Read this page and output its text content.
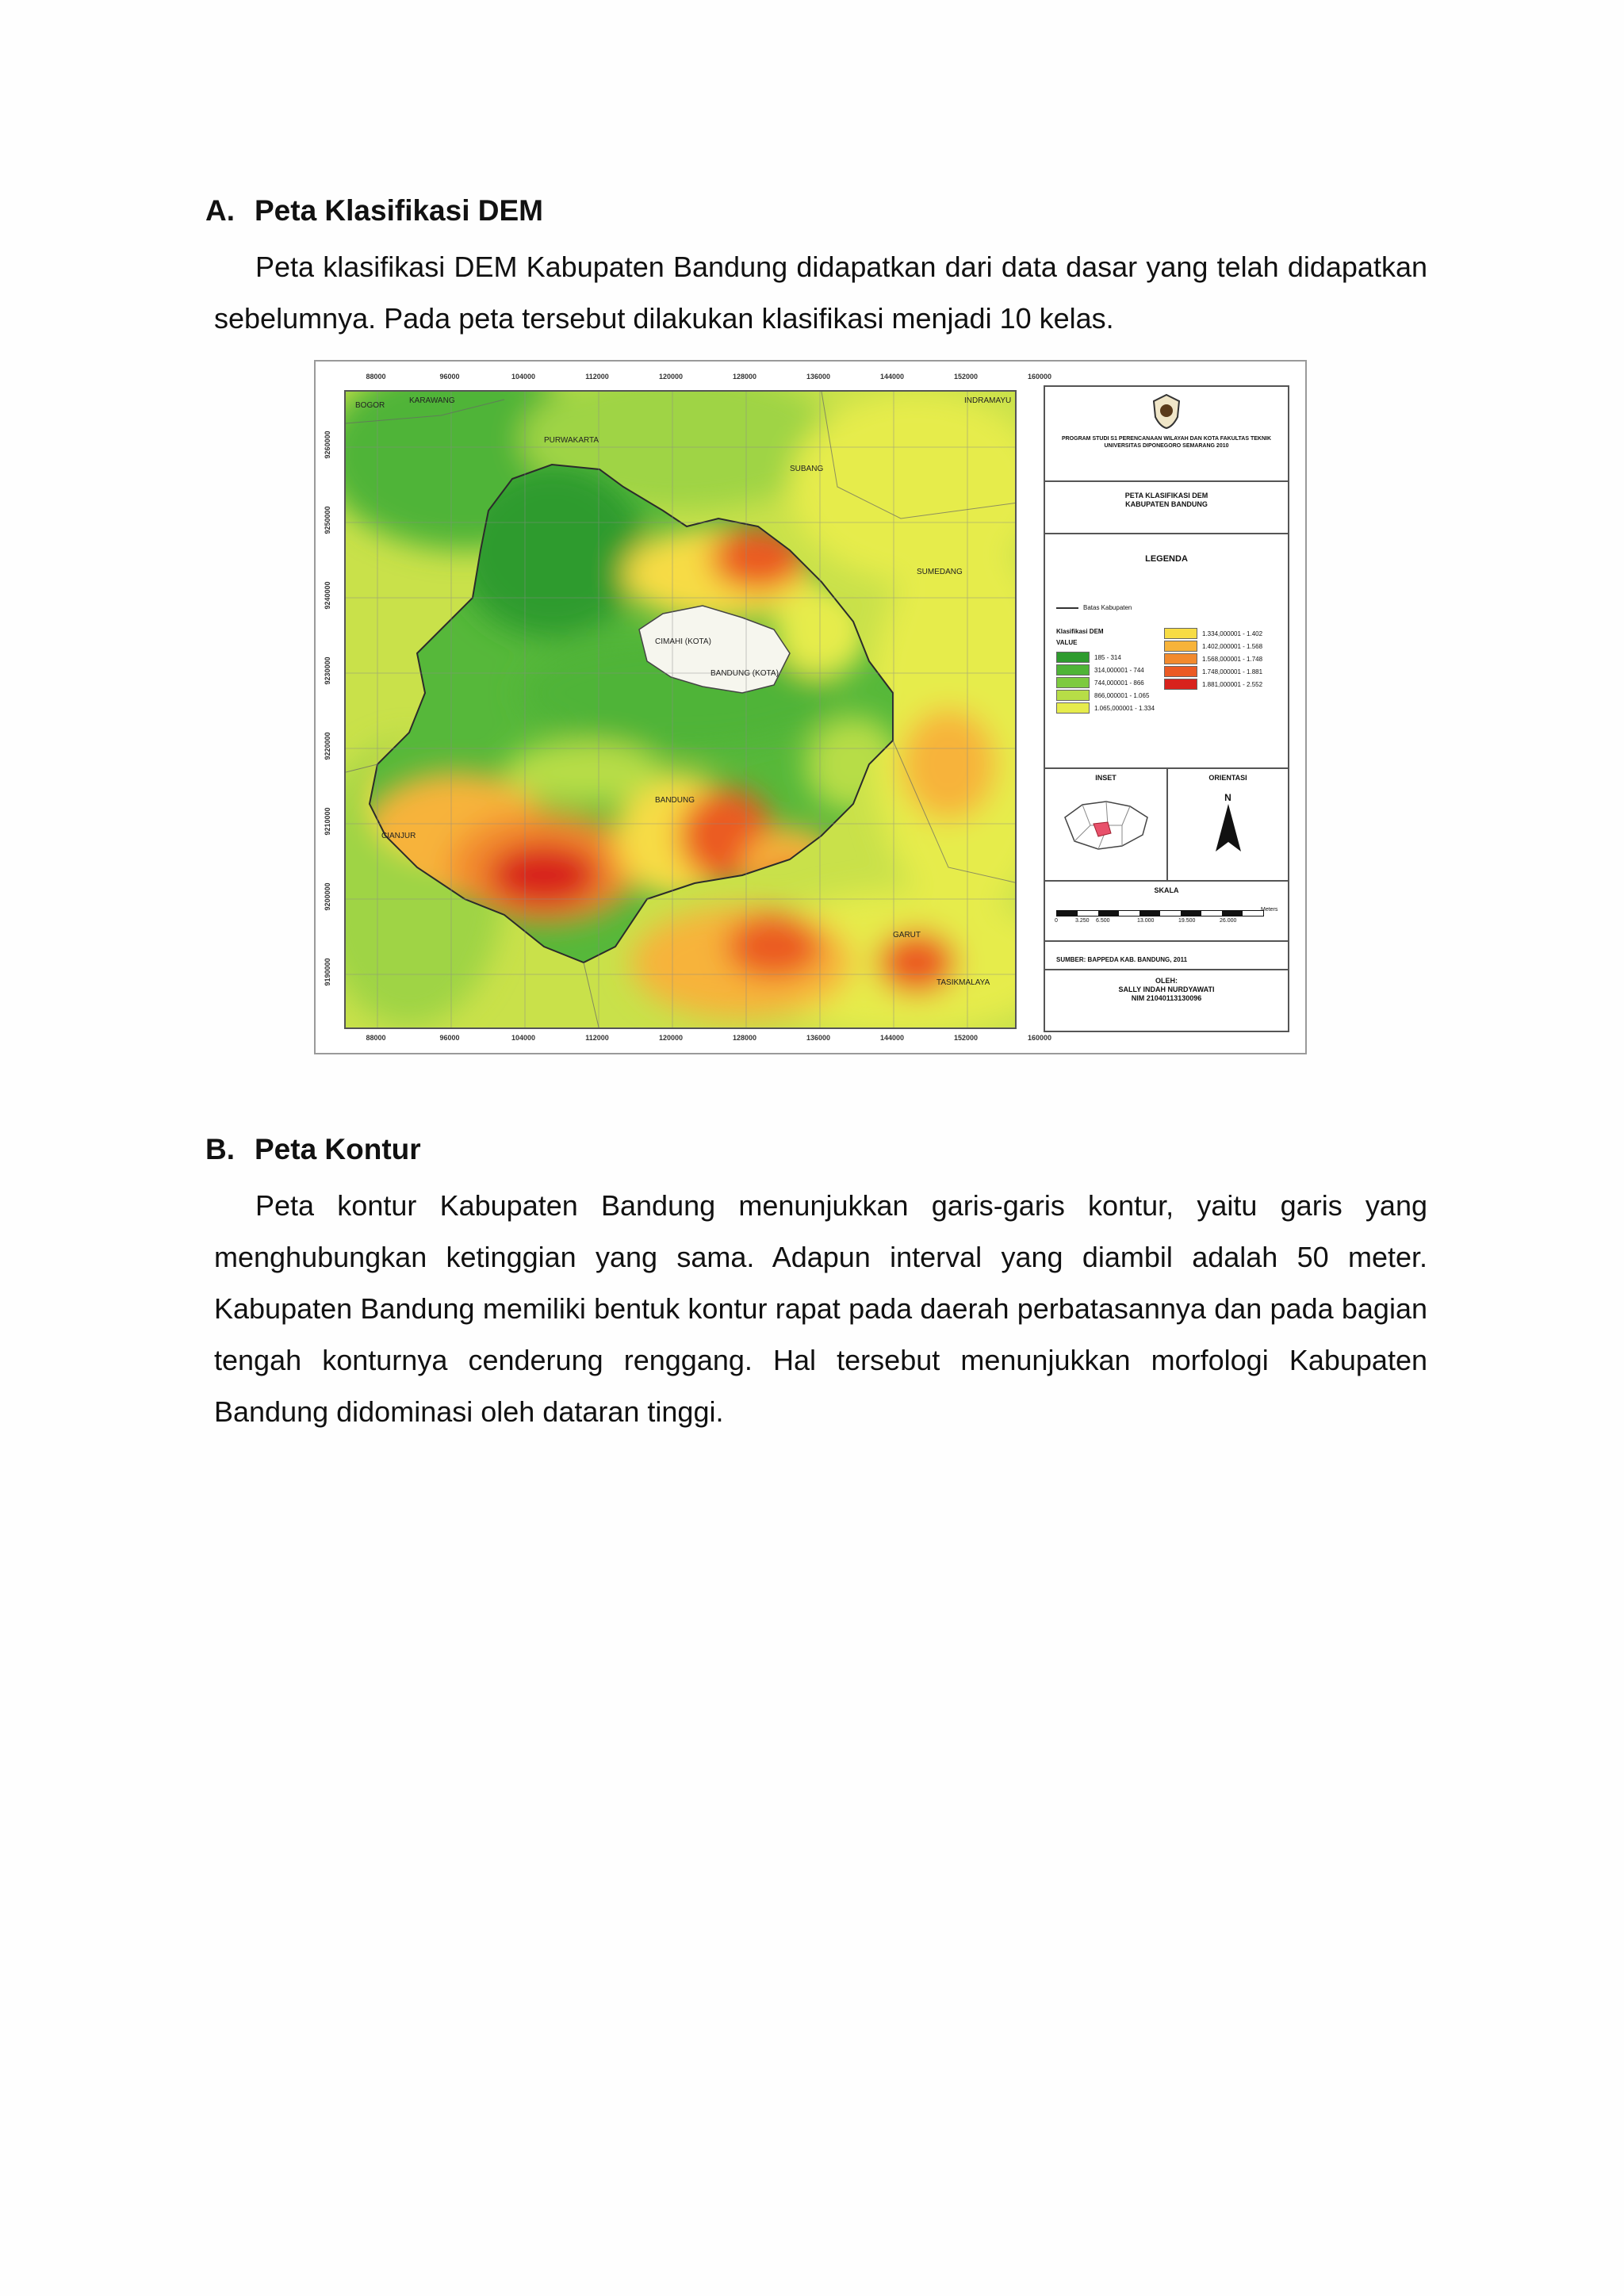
A. Peta Klasifikasi DEM

Peta klasifikasi DEM Kabupaten Bandung didapatkan dari data dasar yang telah didapatkan sebelumnya. Pada peta tersebut dilakukan klasifikasi menjadi 10 kelas.

88000	96000	104000	112000	120000	128000	136000	144000	152000	160000
88000	96000	104000	112000	120000	128000	136000	144000	152000	160000
9260000
9250000
9240000
9230000
9220000
9210000
9200000
9190000
BOGOR
KARAWANG
PURWAKARTA
SUBANG
INDRAMAYU
SUMEDANG
CIMAHI (KOTA)
BANDUNG (KOTA)
BANDUNG
CIANJUR
GARUT
TASIKMALAYA
PROGRAM STUDI S1 PERENCANAAN WILAYAH DAN KOTA FAKULTAS TEKNIK UNIVERSITAS DIPONEGORO SEMARANG 2010
PETA KLASIFIKASI DEM
KABUPATEN BANDUNG
LEGENDA
Batas Kabupaten
Klasifikasi DEM
VALUE
185 - 314
314,000001 - 744
744,000001 - 866
866,000001 - 1.065
1.065,000001 - 1.334
1.334,000001 - 1.402
1.402,000001 - 1.568
1.568,000001 - 1.748
1.748,000001 - 1.881
1.881,000001 - 2.552
INSET	ORIENTASI
N
SKALA
0	3.250 6.500	13.000	19.500	26.000
Meters
SUMBER: BAPPEDA KAB. BANDUNG, 2011
OLEH:
SALLY INDAH NURDYAWATI
NIM 21040113130096
B. Peta Kontur

Peta kontur Kabupaten Bandung menunjukkan garis-garis kontur, yaitu garis yang menghubungkan ketinggian yang sama. Adapun interval yang diambil adalah 50 meter. Kabupaten Bandung memiliki bentuk kontur rapat pada daerah perbatasannya dan pada bagian tengah konturnya cenderung renggang. Hal tersebut menunjukkan morfologi Kabupaten Bandung didominasi oleh dataran tinggi.
